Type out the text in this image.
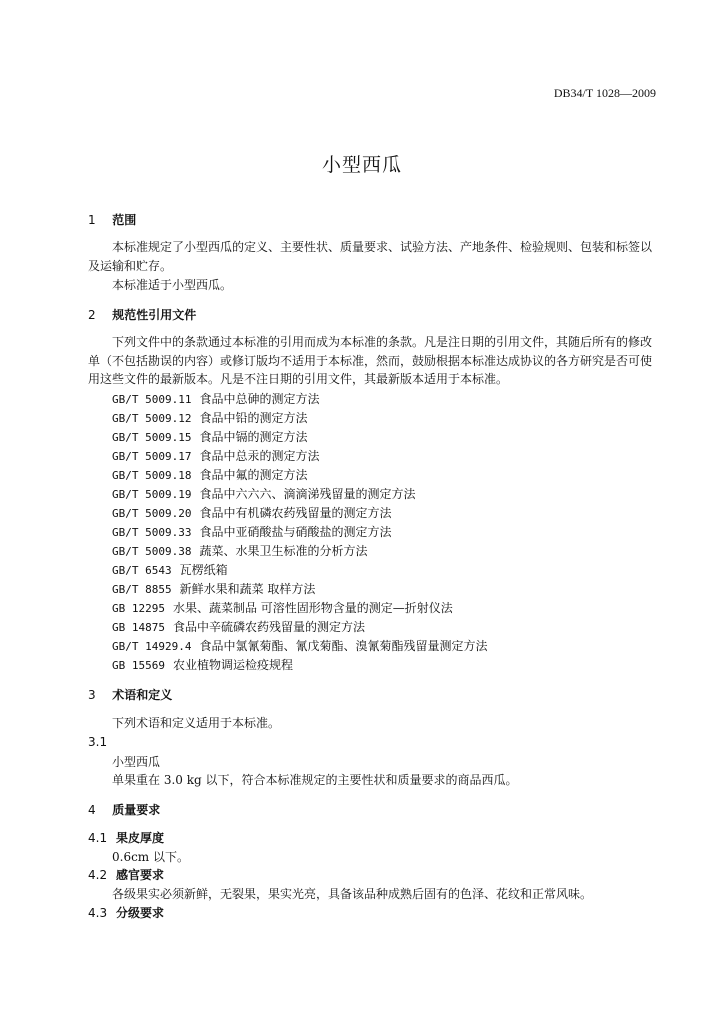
DB34/T 1028—2009
小型西瓜
1 范围
本标准规定了小型西瓜的定义、主要性状、质量要求、试验方法、产地条件、检验规则、包装和标签以及运输和贮存。
本标准适于小型西瓜。
2 规范性引用文件
下列文件中的条款通过本标准的引用而成为本标准的条款。凡是注日期的引用文件，其随后所有的修改单（不包括勘误的内容）或修订版均不适用于本标准，然而，鼓励根据本标准达成协议的各方研究是否可使用这些文件的最新版本。凡是不注日期的引用文件，其最新版本适用于本标准。
GB/T 5009.11 食品中总砷的测定方法
GB/T 5009.12 食品中铅的测定方法
GB/T 5009.15 食品中镉的测定方法
GB/T 5009.17 食品中总汞的测定方法
GB/T 5009.18 食品中氟的测定方法
GB/T 5009.19 食品中六六六、滴滴涕残留量的测定方法
GB/T 5009.20 食品中有机磷农药残留量的测定方法
GB/T 5009.33 食品中亚硝酸盐与硝酸盐的测定方法
GB/T 5009.38 蔬菜、水果卫生标准的分析方法
GB/T 6543 瓦楞纸箱
GB/T 8855 新鲜水果和蔬菜 取样方法
GB 12295 水果、蔬菜制品 可溶性固形物含量的测定—折射仪法
GB 14875 食品中辛硫磷农药残留量的测定方法
GB/T 14929.4 食品中氯氰菊酯、氰戊菊酯、溴氰菊酯残留量测定方法
GB 15569 农业植物调运检疫规程
3 术语和定义
下列术语和定义适用于本标准。
3.1
小型西瓜
单果重在 3.0 kg 以下，符合本标准规定的主要性状和质量要求的商品西瓜。
4 质量要求
4.1 果皮厚度
0.6cm 以下。
4.2 感官要求
各级果实必须新鲜，无裂果，果实光亮，具备该品种成熟后固有的色泽、花纹和正常风味。
4.3 分级要求
